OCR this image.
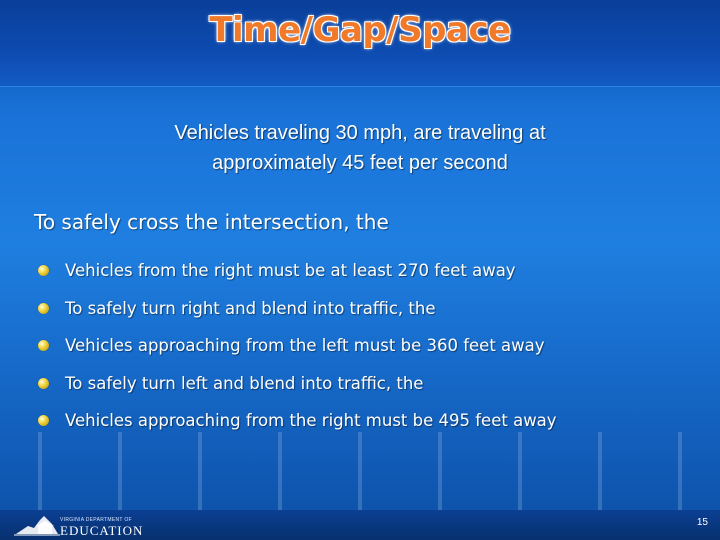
Time/Gap/Space
Vehicles traveling 30 mph, are traveling at
approximately 45 feet per second
To safely cross the intersection, the
Vehicles from the right must be at least 270 feet away
To safely turn right and blend into traffic, the
Vehicles approaching from the left must be 360 feet away
To safely turn left and blend into traffic, the
Vehicles approaching from the right must be 495 feet away
VIRGINIA DEPARTMENT OF
EDUCATION
15
